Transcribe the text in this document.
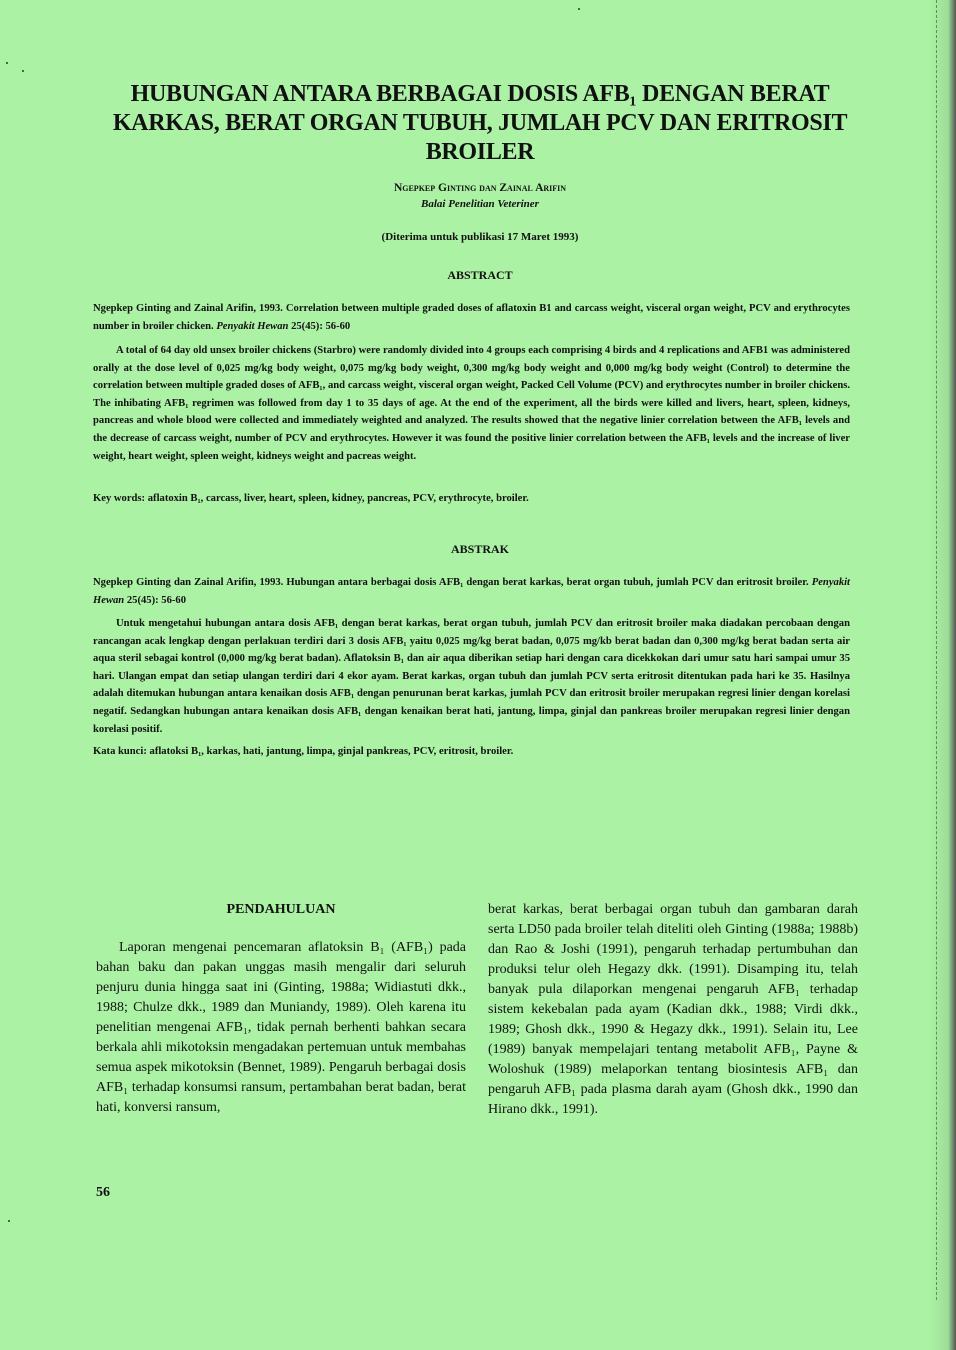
HUBUNGAN ANTARA BERBAGAI DOSIS AFB₁ DENGAN BERAT
KARKAS, BERAT ORGAN TUBUH, JUMLAH PCV DAN ERITROSIT
BROILER
Ngepkep Ginting dan Zainal Arifin
Balai Penelitian Veteriner
(Diterima untuk publikasi 17 Maret 1993)
ABSTRACT

Ngepkep Ginting and Zainal Arifin, 1993. Correlation between multiple graded doses of aflatoxin B1 and carcass weight, visceral organ weight, PCV and erythrocytes number in broiler chicken. Penyakit Hewan 25(45): 56-60

A total of 64 day old unsex broiler chickens (Starbro) were randomly divided into 4 groups each comprising 4 birds and 4 replications and AFB1 was administered orally at the dose level of 0,025 mg/kg body weight, 0,075 mg/kg body weight, 0,300 mg/kg body weight and 0,000 mg/kg body weight (Control) to determine the correlation between multiple graded doses of AFB₁, and carcass weight, visceral organ weight, Packed Cell Volume (PCV) and erythrocytes number in broiler chickens. The inhibating AFB₁ regrimen was followed from day 1 to 35 days of age. At the end of the experiment, all the birds were killed and livers, heart, spleen, kidneys, pancreas and whole blood were collected and immediately weighted and analyzed. The results showed that the negative linier correlation between the AFB₁ levels and the decrease of carcass weight, number of PCV and erythrocytes. However it was found the positive linier correlation between the AFB₁ levels and the increase of liver weight, heart weight, spleen weight, kidneys weight and pacreas weight.

Key words: aflatoxin B₁, carcass, liver, heart, spleen, kidney, pancreas, PCV, erythrocyte, broiler.

ABSTRAK

Ngepkep Ginting dan Zainal Arifin, 1993. Hubungan antara berbagai dosis AFB₁ dengan berat karkas, berat organ tubuh, jumlah PCV dan eritrosit broiler. Penyakit Hewan 25(45): 56-60

Untuk mengetahui hubungan antara dosis AFB₁ dengan berat karkas, berat organ tubuh, jumlah PCV dan eritrosit broiler maka diadakan percobaan dengan rancangan acak lengkap dengan perlakuan terdiri dari 3 dosis AFB₁ yaitu 0,025 mg/kg berat badan, 0,075 mg/kb berat badan dan 0,300 mg/kg berat badan serta air aqua steril sebagai kontrol (0,000 mg/kg berat badan). Aflatoksin B₁ dan air aqua diberikan setiap hari dengan cara dicekkokan dari umur satu hari sampai umur 35 hari. Ulangan empat dan setiap ulangan terdiri dari 4 ekor ayam. Berat karkas, organ tubuh dan jumlah PCV serta eritrosit ditentukan pada hari ke 35. Hasilnya adalah ditemukan hubungan antara kenaikan dosis AFB₁ dengan penurunan berat karkas, jumlah PCV dan eritrosit broiler merupakan regresi linier dengan korelasi negatif. Sedangkan hubungan antara kenaikan dosis AFB₁ dengan kenaikan berat hati, jantung, limpa, ginjal dan pankreas broiler merupakan regresi linier dengan korelasi positif.

Kata kunci: aflatoksi B₁, karkas, hati, jantung, limpa, ginjal pankreas, PCV, eritrosit, broiler.

PENDAHULUAN

Laporan mengenai pencemaran aflatoksin B₁ (AFB₁) pada bahan baku dan pakan unggas masih mengalir dari seluruh penjuru dunia hingga saat ini (Ginting, 1988a; Widiastuti dkk., 1988; Chulze dkk., 1989 dan Muniandy, 1989). Oleh karena itu penelitian mengenai AFB₁, tidak pernah berhenti bahkan secara berkala ahli mikotoksin mengadakan pertemuan untuk membahas semua aspek mikotoksin (Bennet, 1989). Pengaruh berbagai dosis AFB₁ terhadap konsumsi ransum, pertambahan berat badan, berat hati, konversi ransum,

berat karkas, berat berbagai organ tubuh dan gambaran darah serta LD50 pada broiler telah diteliti oleh Ginting (1988a; 1988b) dan Rao & Joshi (1991), pengaruh terhadap pertumbuhan dan produksi telur oleh Hegazy dkk. (1991). Disamping itu, telah banyak pula dilaporkan mengenai pengaruh AFB₁ terhadap sistem kekebalan pada ayam (Kadian dkk., 1988; Virdi dkk., 1989; Ghosh dkk., 1990 & Hegazy dkk., 1991). Selain itu, Lee (1989) banyak mempelajari tentang metabolit AFB₁, Payne & Woloshuk (1989) melaporkan tentang biosintesis AFB₁ dan pengaruh AFB₁ pada plasma darah ayam (Ghosh dkk., 1990 dan Hirano dkk., 1991).

56
